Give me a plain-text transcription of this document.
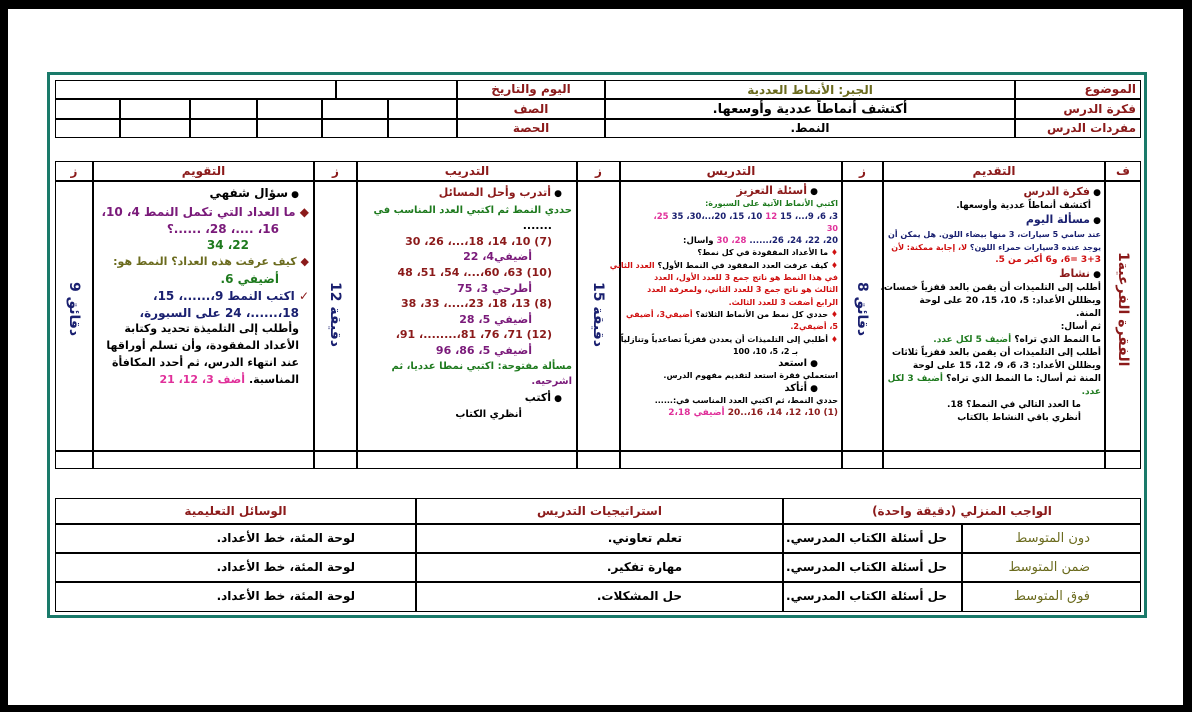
الموضوع
الجبر: الأنماط العددية
اليوم والتاريخ
فكرة الدرس
أكتشف أنماطاً عددية وأوسعها.
الصف
مفردات الدرس
النمط.
الحصة
ف
التقديم
ز
التدريس
ز
التدريب
ز
التقويم
ز
الفقرة الفرعية1
8 دقائق
15 دقيقة
12 دقيقة
9 دقائق
● فكرة الدرس
أكتشف أنماطاً عددية وأوسعها.
● مسألة اليوم
عند سامي 5 سيارات، 3 منها بيضاء اللون. هل يمكن أن
يوجد عنده 3سيارات حمراء اللون؟ لا، إجابة ممكنة: لأن
3+3 =6، و6 أكبر من 5.
● نشاط
أطلب إلى التلميذات أن يقمن بالعد قفزياً خمسات،
ويظللن الأعداد: 5، 10، 15، 20 على لوحة
المنة.
ثم أسال:
ما النمط الذي تراه؟ أضيف 5 لكل عدد.
أطلب إلى التلميذات أن يقمن بالعد قفزياً ثلاثات
ويظللن الأعداد: 3، 6، 9، 12، 15 على لوحة
المنة ثم أسال: ما النمط الذي تراه؟ أضيف 3 لكل
عدد.
ما العدد التالي في النمط؟ 18.
أنظري باقي النشاط بالكتاب
● أسئلة التعزيز
اكتبي الأنماط الآتية على السبورة:
3، 6، 9،..، 15 12 10، 15، 20،..،30، 35 25،
30
20، 22، 24، 26،...... 28، 30 واسال:
♦ ما الأعداد المفقودة في كل نمط؟
♦ كيف عرفت العدد المفقود في النمط الأول؟ العدد الثاني
في هذا النمط هو ناتج جمع 3 للعدد الأول، العدد
الثالث هو ناتج جمع 3 للعدد الثاني، ولمعرفة العدد
الرابع أضفت 3 للعدد الثالث.
♦ حددي كل نمط من الأنماط الثلاثة؟ أضيفي3، أضيفي
5، أضيفي2.
♦ أطلبي إلى التلميذات أن يعددن قفزياً تصاعدياً وتنازلياً
بـ 2، 5، 10، 100
● استعد
استعملي فقرة استعد لتقديم مفهوم الدرس.
● أتأكد
حددي النمط، ثم اكتبي العدد المناسب في:......
(1) 10، 12، 14، 16،..20 أضيفي 2،18
● أتدرب وأحل المسائل
حددي النمط ثم اكتبي العدد المناسب في
.......
(7) 10، 14، 18،...، 26، 30
أضيفي4، 22
(10) 63، 60،...، 54، 51، 48
أطرحي 3، 75
(8) 13، 18، 23،....، 33، 38
أضيفي 5، 28
(12) 71، 76، 81،........، 91،
أضيفي 5، 86، 96
مسألة مفتوحة: اكتبي نمطا عدديا، ثم
اشرحيه.
● أكتب
أنظري الكتاب
● سؤال شفهي
◆ ما العداد التي تكمل النمط 4، 10،
16، ....، 28، ......؟
22، 34
◆ كيف عرفت هذه العداد؟ النمط هو:
أضيفي 6.
✓ اكتب النمط 9،......، 15،
18،......، 24 على السبورة،
وأطلب إلى التلميذة تحديد وكتابة
الأعداد المفقودة، وأن تسلم أوراقها
عند انتهاء الدرس، ثم أحدد المكافأة
المناسبة. أضف 3، 12، 21
الواجب المنزلي (دقيقة واحدة)
استراتيجيات التدريس
الوسائل التعليمية
دون المتوسط
حل أسئلة الكتاب المدرسي.
تعلم تعاوني.
لوحة المئة، خط الأعداد.
ضمن المتوسط
حل أسئلة الكتاب المدرسي.
مهارة تفكير.
لوحة المئة، خط الأعداد.
فوق المتوسط
حل أسئلة الكتاب المدرسي.
حل المشكلات.
لوحة المئة، خط الأعداد.
